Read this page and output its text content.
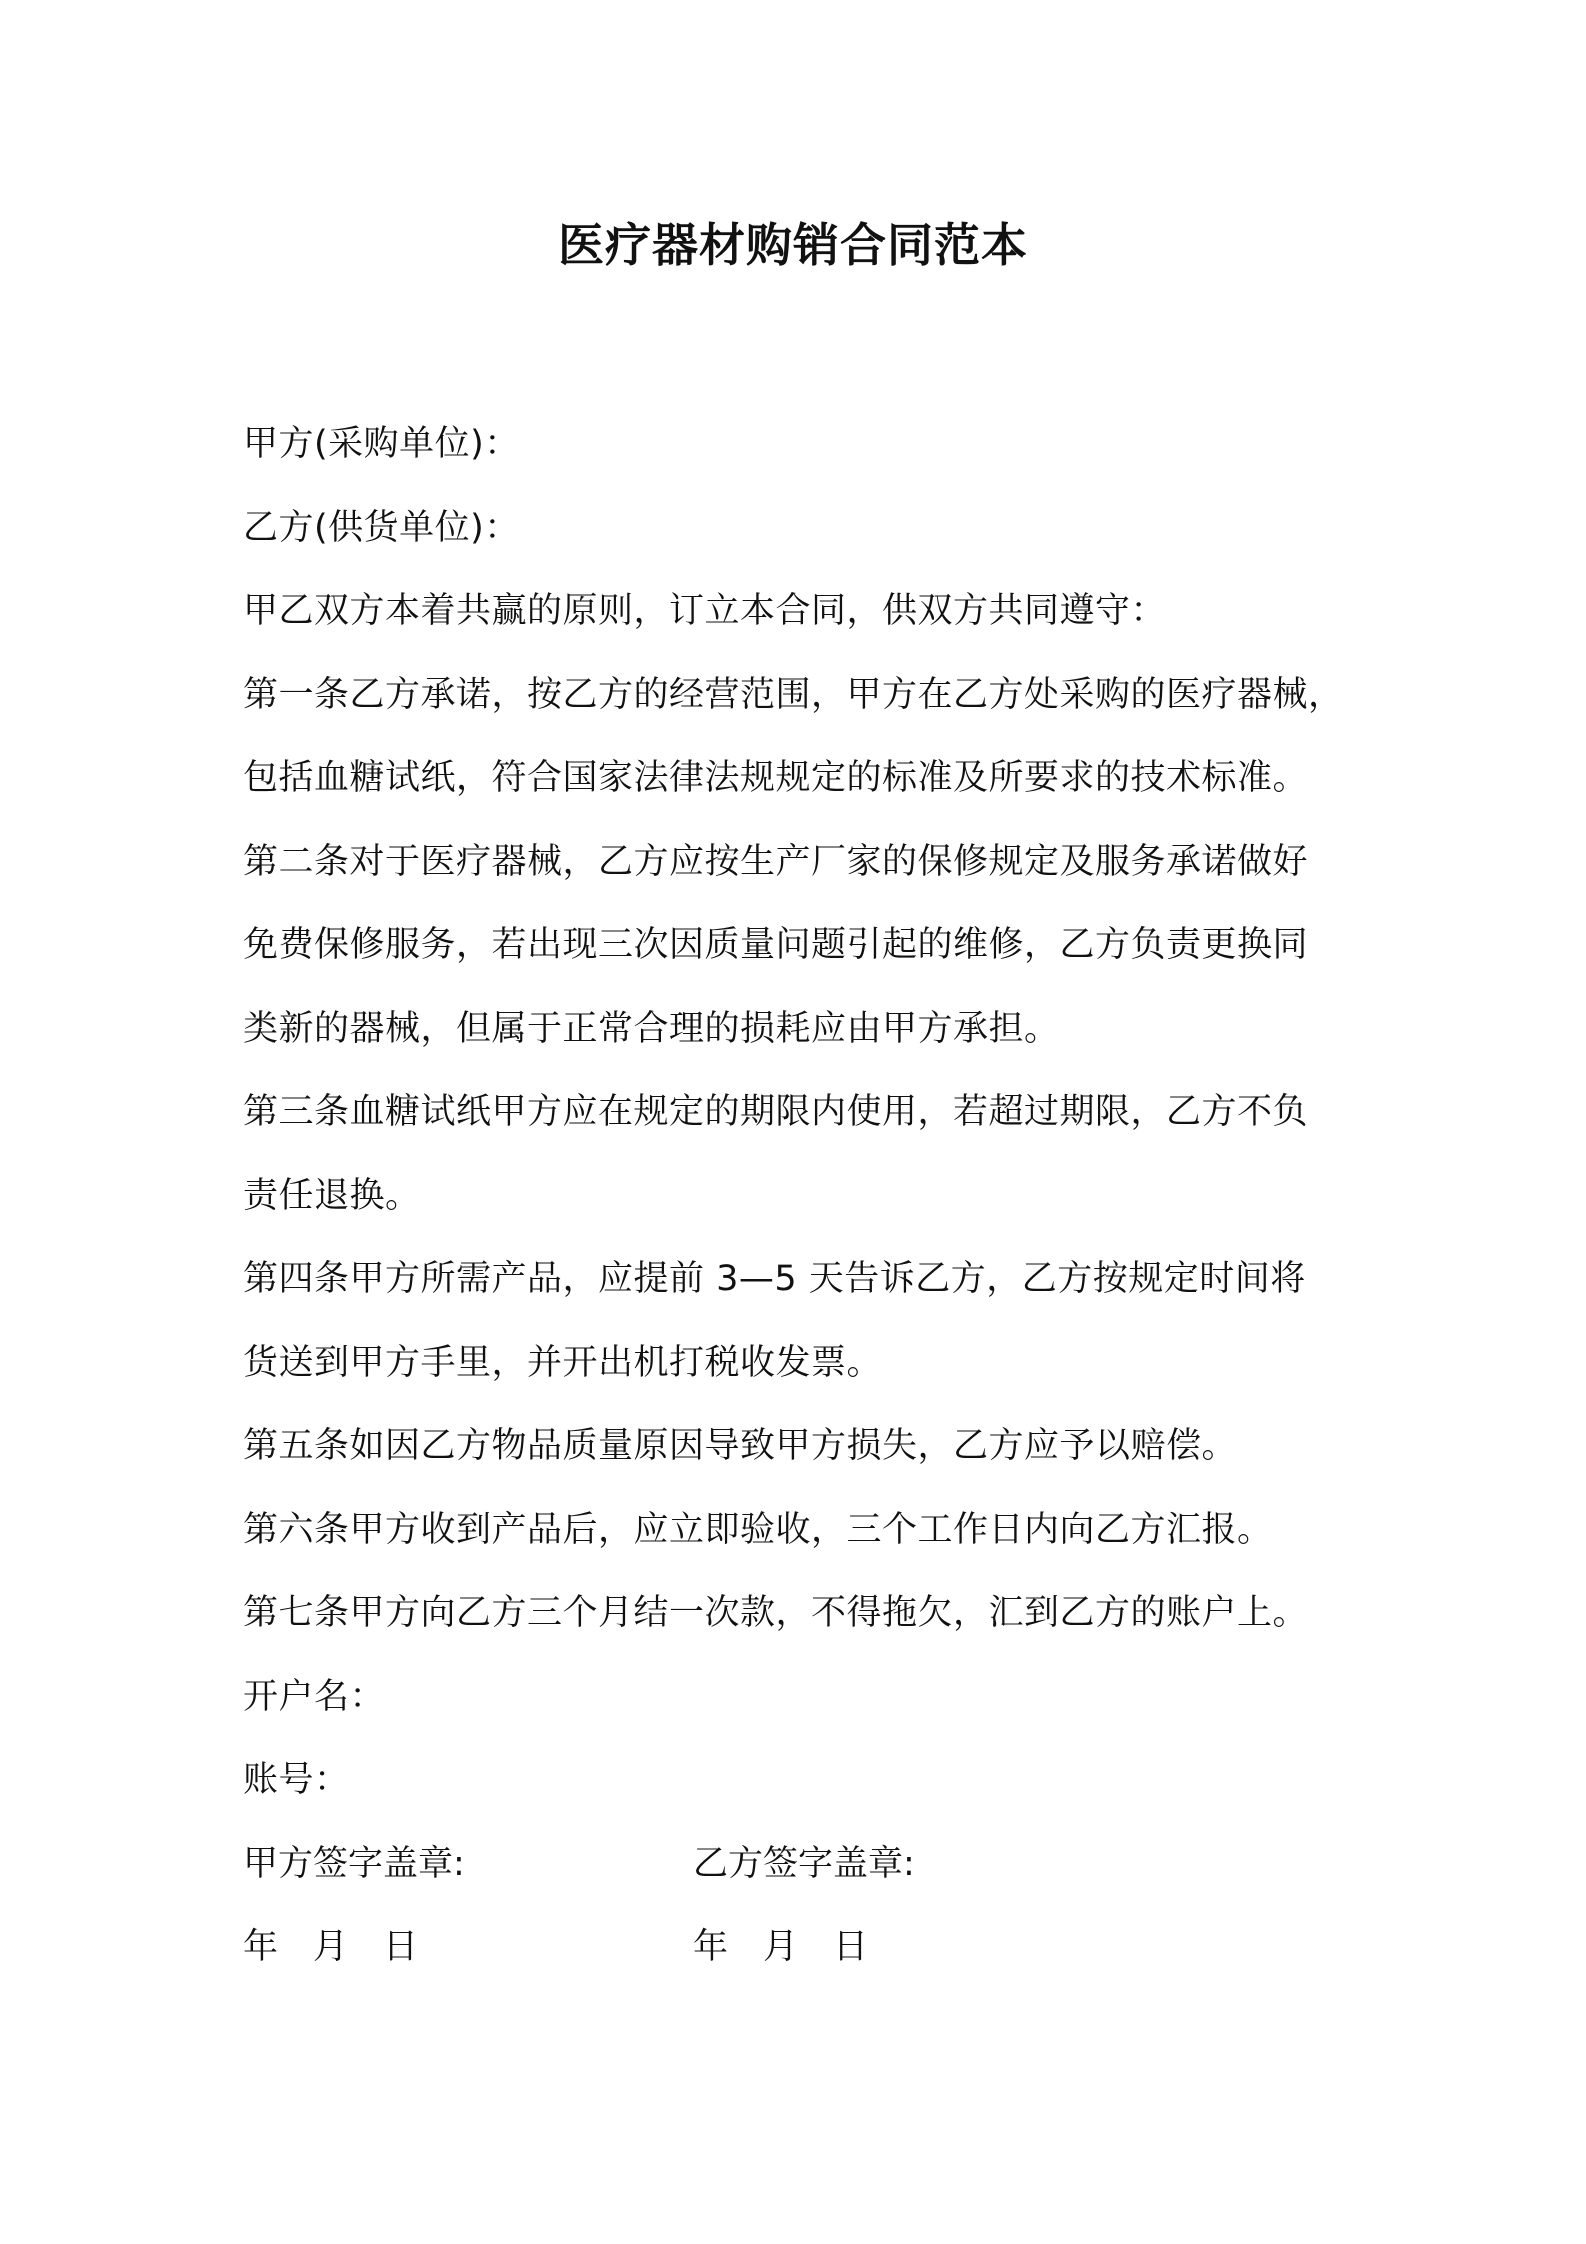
医疗器材购销合同范本
甲方(采购单位)：
乙方(供货单位)：
甲乙双方本着共赢的原则，订立本合同，供双方共同遵守：
第一条乙方承诺，按乙方的经营范围，甲方在乙方处采购的医疗器械，
包括血糖试纸，符合国家法律法规规定的标准及所要求的技术标准。
第二条对于医疗器械，乙方应按生产厂家的保修规定及服务承诺做好
免费保修服务，若出现三次因质量问题引起的维修，乙方负责更换同
类新的器械，但属于正常合理的损耗应由甲方承担。
第三条血糖试纸甲方应在规定的期限内使用，若超过期限，乙方不负
责任退换。
第四条甲方所需产品，应提前 3—5 天告诉乙方，乙方按规定时间将
货送到甲方手里，并开出机打税收发票。
第五条如因乙方物品质量原因导致甲方损失，乙方应予以赔偿。
第六条甲方收到产品后，应立即验收，三个工作日内向乙方汇报。
第七条甲方向乙方三个月结一次款，不得拖欠，汇到乙方的账户上。
开户名：
账号：
甲方签字盖章:	乙方签字盖章:
年　月　日	年　月　日
